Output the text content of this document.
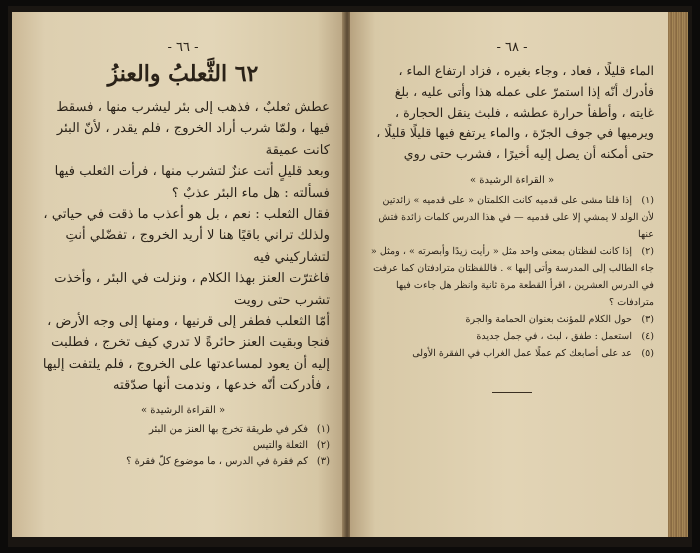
- ٦٦ -
٦٢ الثَّعلبُ والعنزُ

عطش ثعلبٌ ، فذهب إلى بئر ليشرب منها ، فسقط فيها ، ولمّا شرب أراد الخروج ، فلم يقدر ، لأنّ البئر كانت عميقة

وبعد قليلٍ أتت عنزٌ لتشرب منها ، فرأت الثعلب فيها فسألته : هل ماء البئر عذبٌ ؟

فقال الثعلب : نعم ، بل هو أعذب ما ذقت في حياتي ، ولذلك تراني باقيًا هنا لا أريد الخروج ، تفضّلي أنتِ لتشاركيني فيه

فاغترّت العنز بهذا الكلام ، ونزلت في البئر ، وأخذت تشرب حتى رويت

أمّا الثعلب فطفر إلى قرنيها ، ومنها إلى وجه الأرض ، فنجا وبقيت العنز حائرةً لا تدري كيف تخرج ، فطلبت إليه أن يعود لمساعدتها على الخروج ، فلم يلتفت إليها ، فأدركت أنّه خدعها ، وندمت أنها صدّقته

« القراءة الرشيدة »
(١)فكر في طريقة تخرج بها العنز من البئر
(٢)الثعلة والتيس
(٣)كم فقرة في الدرس ، ما موضوع كلّ فقرة ؟
- ٦٨ -

الماء قليلًا ، فعاد ، وجاء بغيره ، فزاد ارتفاع الماء ، فأدرك أنّه إذا استمرّ على عمله هذا وأتى عليه ، بلغ غايته ، وأطفأ حرارة عطشه ، فلبث ينقل الحجارة ، ويرميها في جوف الجرّة ، والماء يرتفع فيها قليلًا قليلًا ، حتى أمكنه أن يصل إليه أخيرًا ، فشرب حتى روي

« القراءة الرشيدة »
(١)إذا قلنا مشى على قدميه كانت الكلمتان « على قدميه » زائدتين لأن الولد لا يمشي إلا على قدميه — في هذا الدرس كلمات زائدة فتش عنها
(٢)إذا كانت لفظتان بمعنى واحد مثل « رأيت زيدًا وأبصرته » ، ومثل « جاء الطالب إلى المدرسة وأتى إليها » . فاللفظتان مترادفتان كما عرفت في الدرس العشرين ، اقرأ القطعة مرة ثانية وانظر هل جاءت فيها مترادفات ؟
(٣)حول الكلام للمؤنث بعنوان الحمامة والجرة
(٤)استعمل : طفق ، لبث ، في جمل جديدة
(٥)عد على أصابعك كم عملًا عمل الغراب في الفقرة الأولى
